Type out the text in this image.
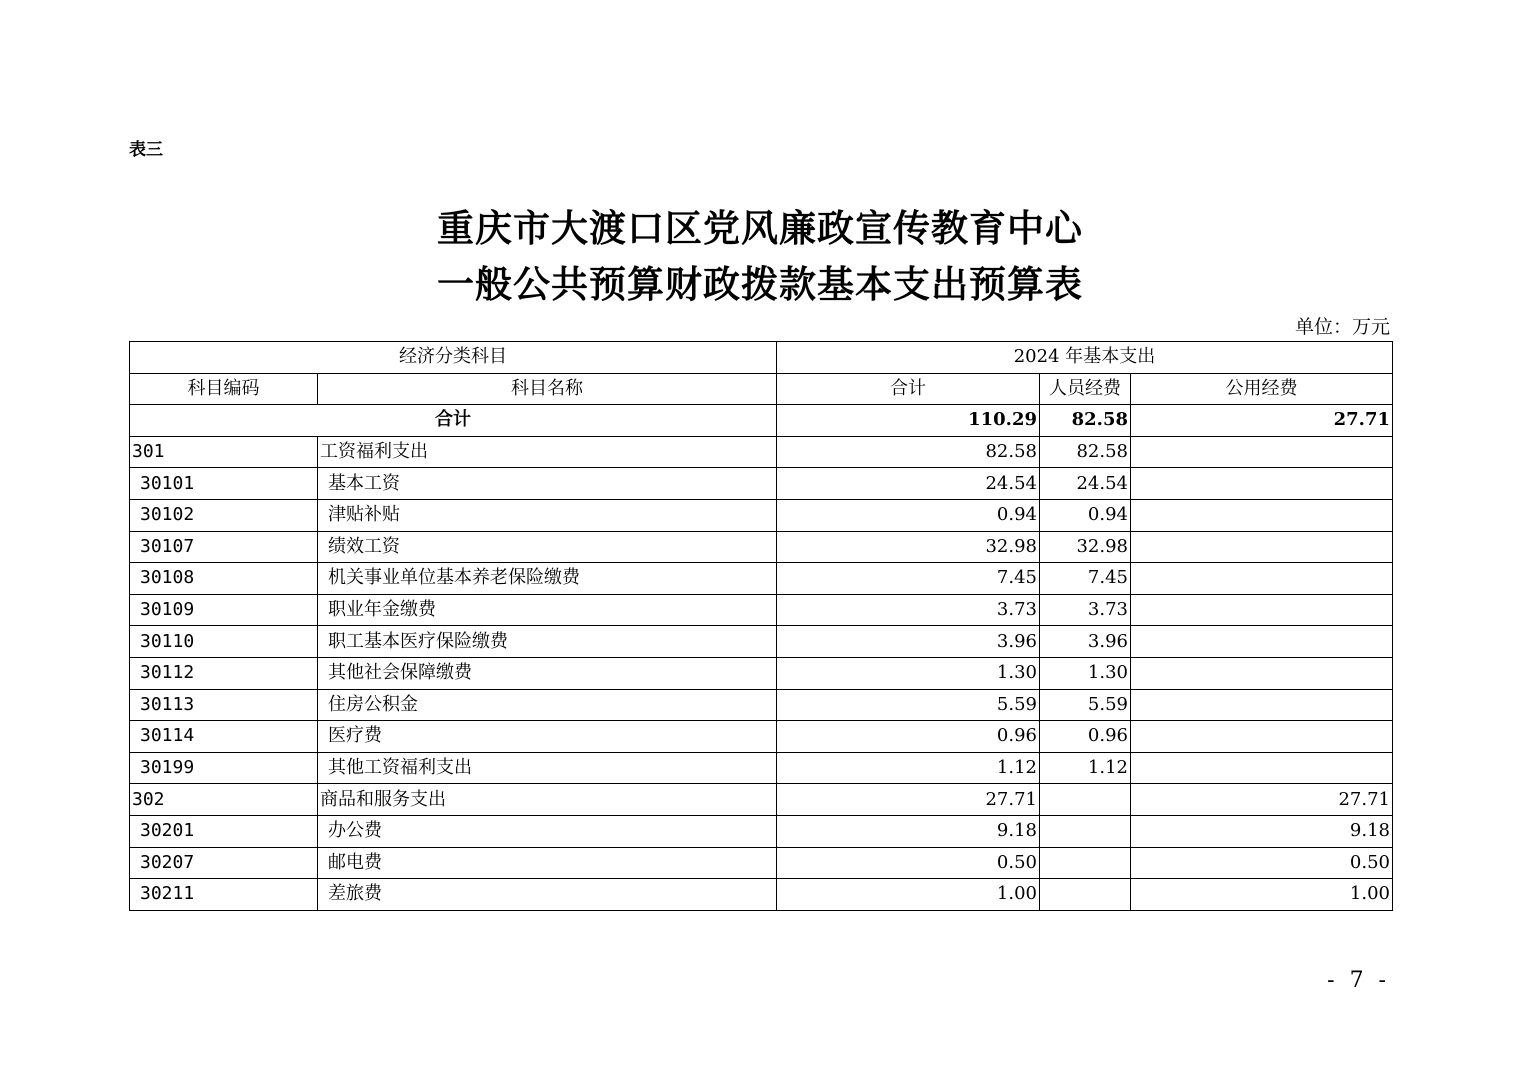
表三
重庆市大渡口区党风廉政宣传教育中心
一般公共预算财政拨款基本支出预算表
单位：万元
经济分类科目		2024 年基本支出		
科目编码	科目名称	合计	人员经费	公用经费
合计		110.29	82.58	27.71
301	工资福利支出	82.58	82.58	
30101	基本工资	24.54	24.54	
30102	津贴补贴	0.94	0.94	
30107	绩效工资	32.98	32.98	
30108	机关事业单位基本养老保险缴费	7.45	7.45	
30109	职业年金缴费	3.73	3.73	
30110	职工基本医疗保险缴费	3.96	3.96	
30112	其他社会保障缴费	1.30	1.30	
30113	住房公积金	5.59	5.59	
30114	医疗费	0.96	0.96	
30199	其他工资福利支出	1.12	1.12	
302	商品和服务支出	27.71		27.71
30201	办公费	9.18		9.18
30207	邮电费	0.50		0.50
30211	差旅费	1.00		1.00
- 7 -
